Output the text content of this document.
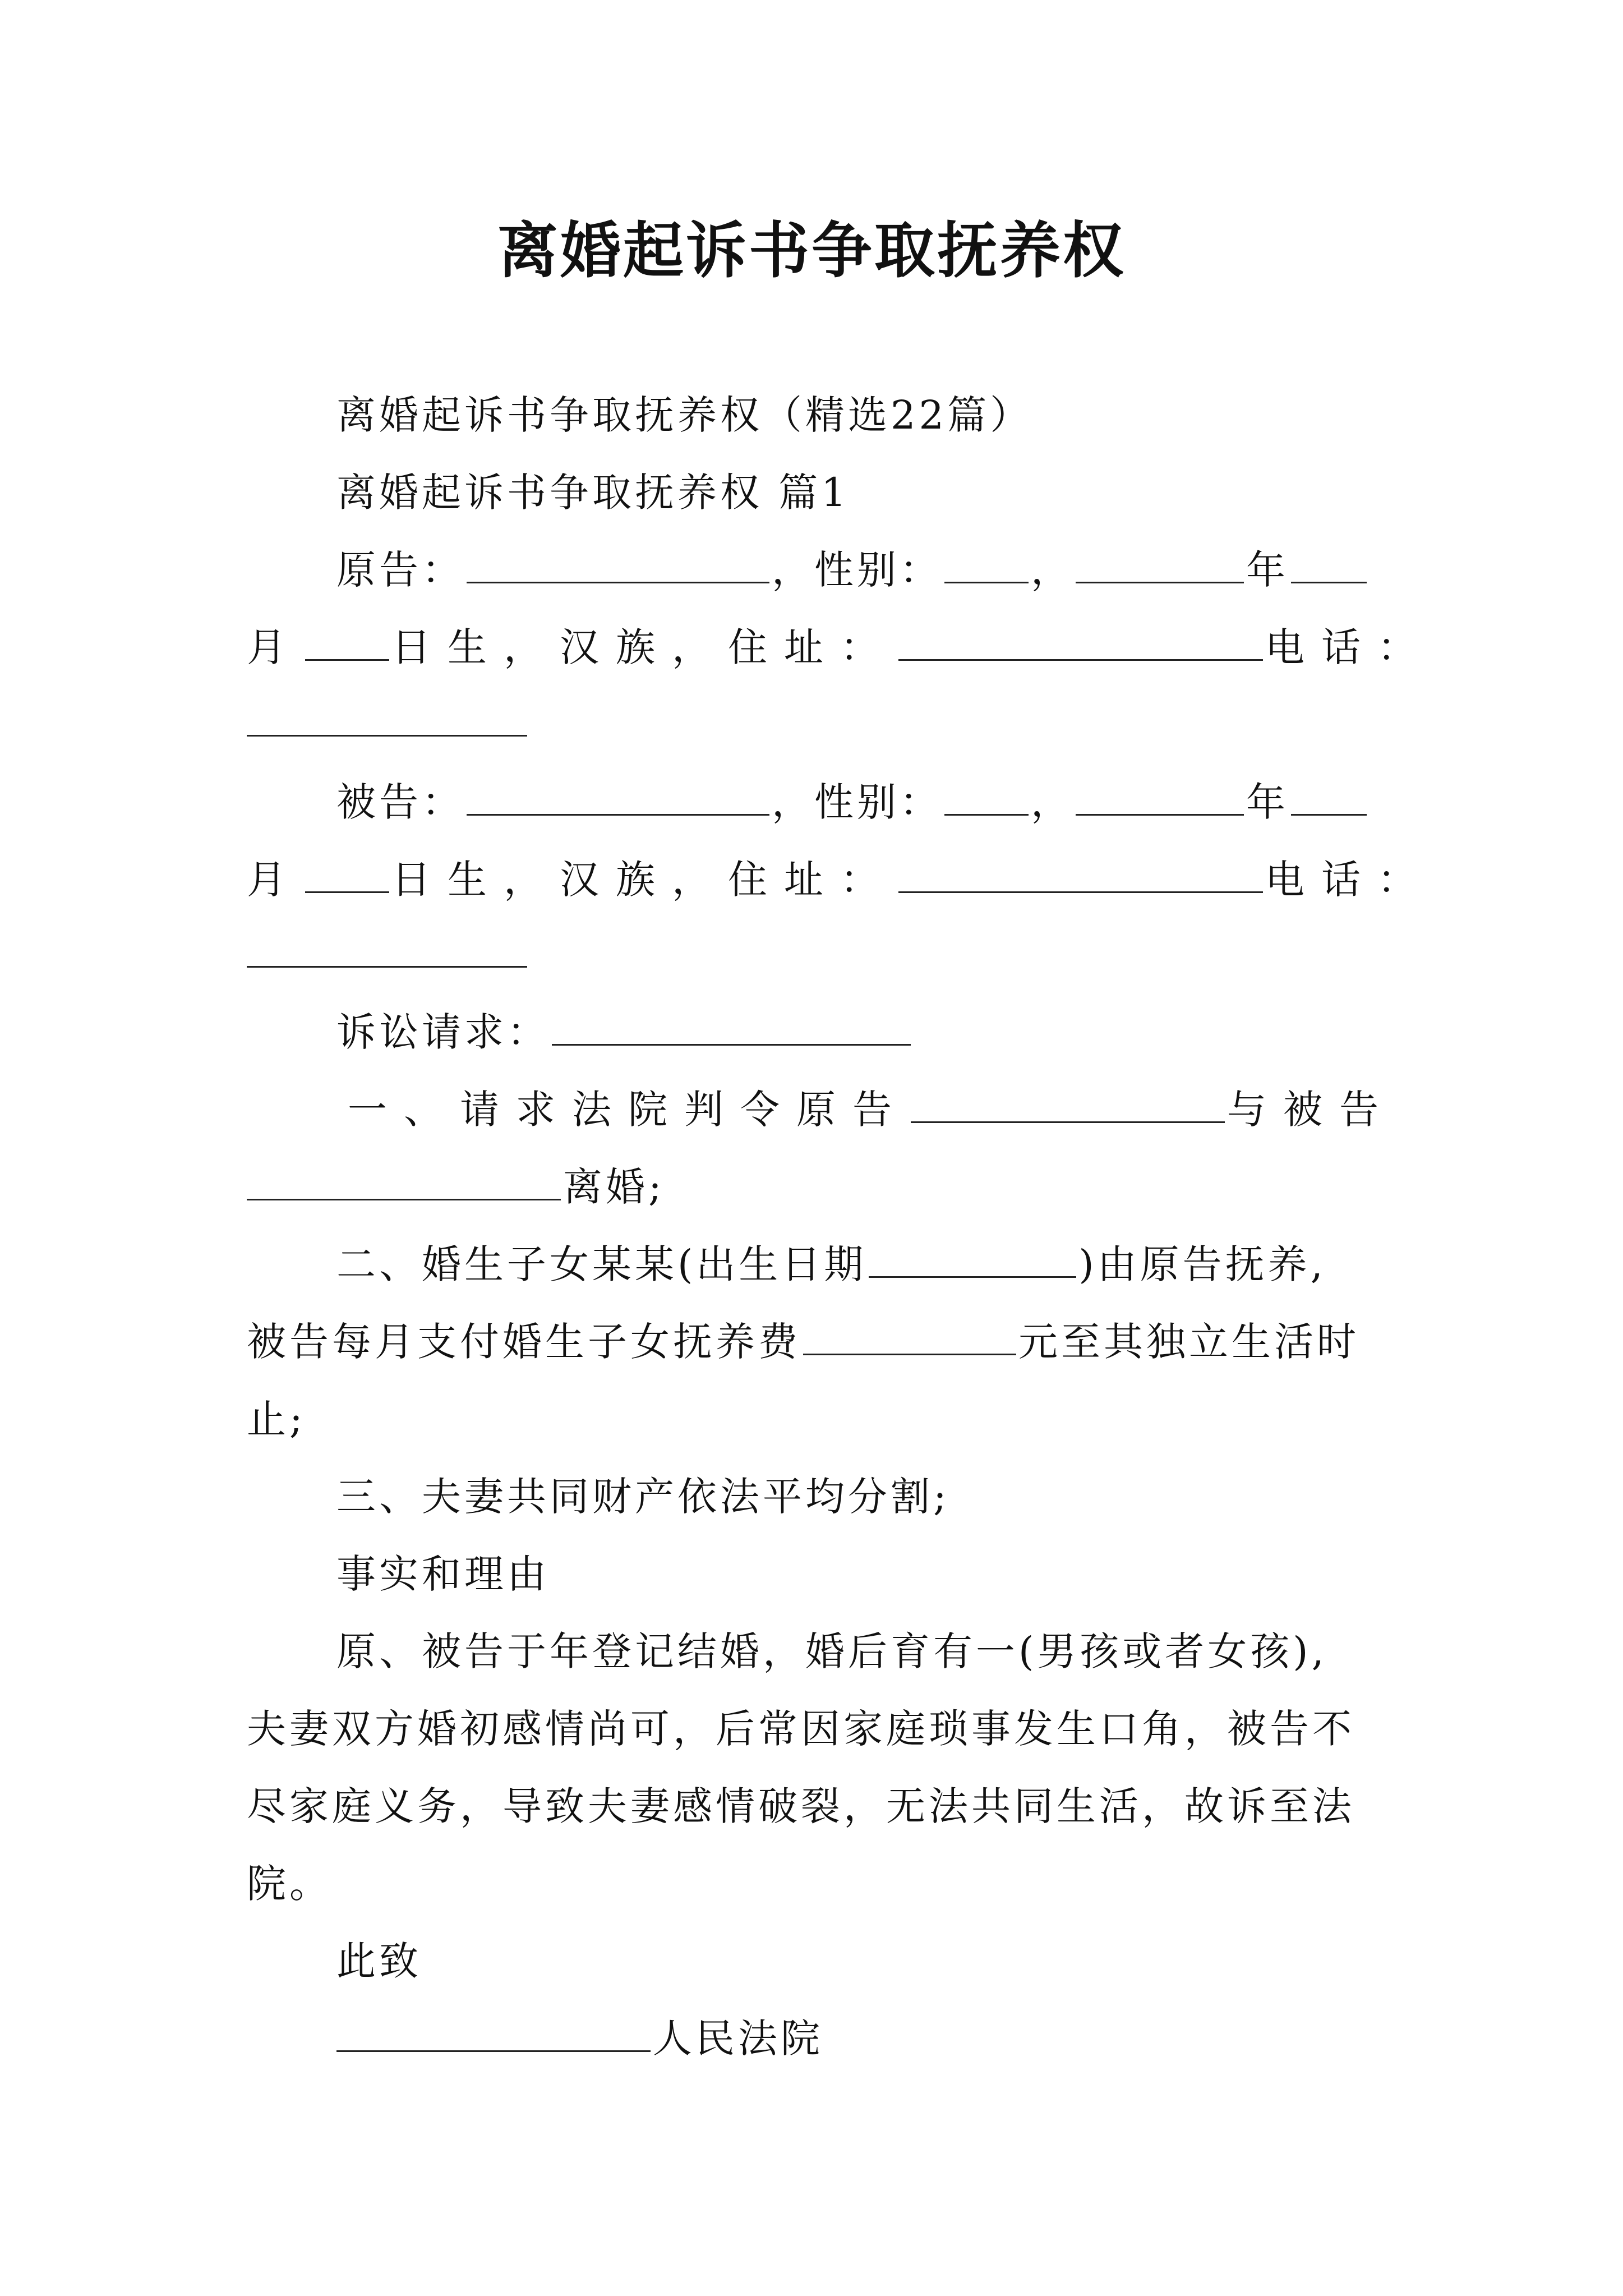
离婚起诉书争取抚养权
离婚起诉书争取抚养权（精选22篇）
离婚起诉书争取抚养权 篇1
原告：	，性别： ，	年
月 日生，汉族，住址：	电话：
被告：	，性别： ，	年
月 日生，汉族，住址：	电话：
诉讼请求：
一、请求法院判令原告	与被告
离婚;
二、婚生子女某某(出生日期	)由原告抚养,
被告每月支付婚生子女抚养费	元至其独立生活时
止;
三、夫妻共同财产依法平均分割;
事实和理由
原、被告于年登记结婚，婚后育有一(男孩或者女孩),
夫妻双方婚初感情尚可，后常因家庭琐事发生口角，被告不
尽家庭义务，导致夫妻感情破裂，无法共同生活，故诉至法
院。
此致
人民法院
